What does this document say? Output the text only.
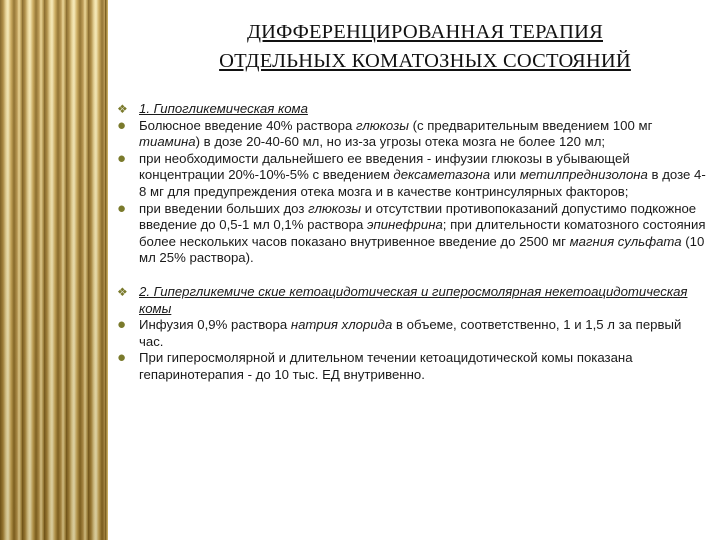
ДИФФЕРЕНЦИРОВАННАЯ ТЕРАПИЯ
ОТДЕЛЬНЫХ КОМАТОЗНЫХ СОСТОЯНИЙ
❖ 1. Гипогликемическая кома
● Болюсное введение 40% раствора глюкозы (с предварительным введением 100 мг тиамина) в дозе 20-40-60 мл, но из-за угрозы отека мозга не более 120 мл;
● при необходимости дальнейшего ее введения - инфузии глюкозы в убывающей концентрации 20%-10%-5% с введением дексаметазона или метилпреднизолона в дозе 4-8 мг для предупреждения отека мозга и в качестве контринсулярных факторов;
● при введении больших доз глюкозы и отсутствии противопоказаний допустимо подкожное введение до 0,5-1 мл 0,1% раствора эпинефрина; при длительности коматозного состояния более нескольких часов показано внутривенное введение до 2500 мг магния сульфата (10 мл 25% раствора).
❖ 2. Гипергликемиче ские кетоацидотическая и гиперосмолярная некетоацидотическая комы
● Инфузия 0,9% раствора натрия хлорида в объеме, соответственно, 1 и 1,5 л за первый час.
● При гиперосмолярной и длительном течении кетоацидотической комы показана гепаринотерапия - до 10 тыс. ЕД внутривенно.
